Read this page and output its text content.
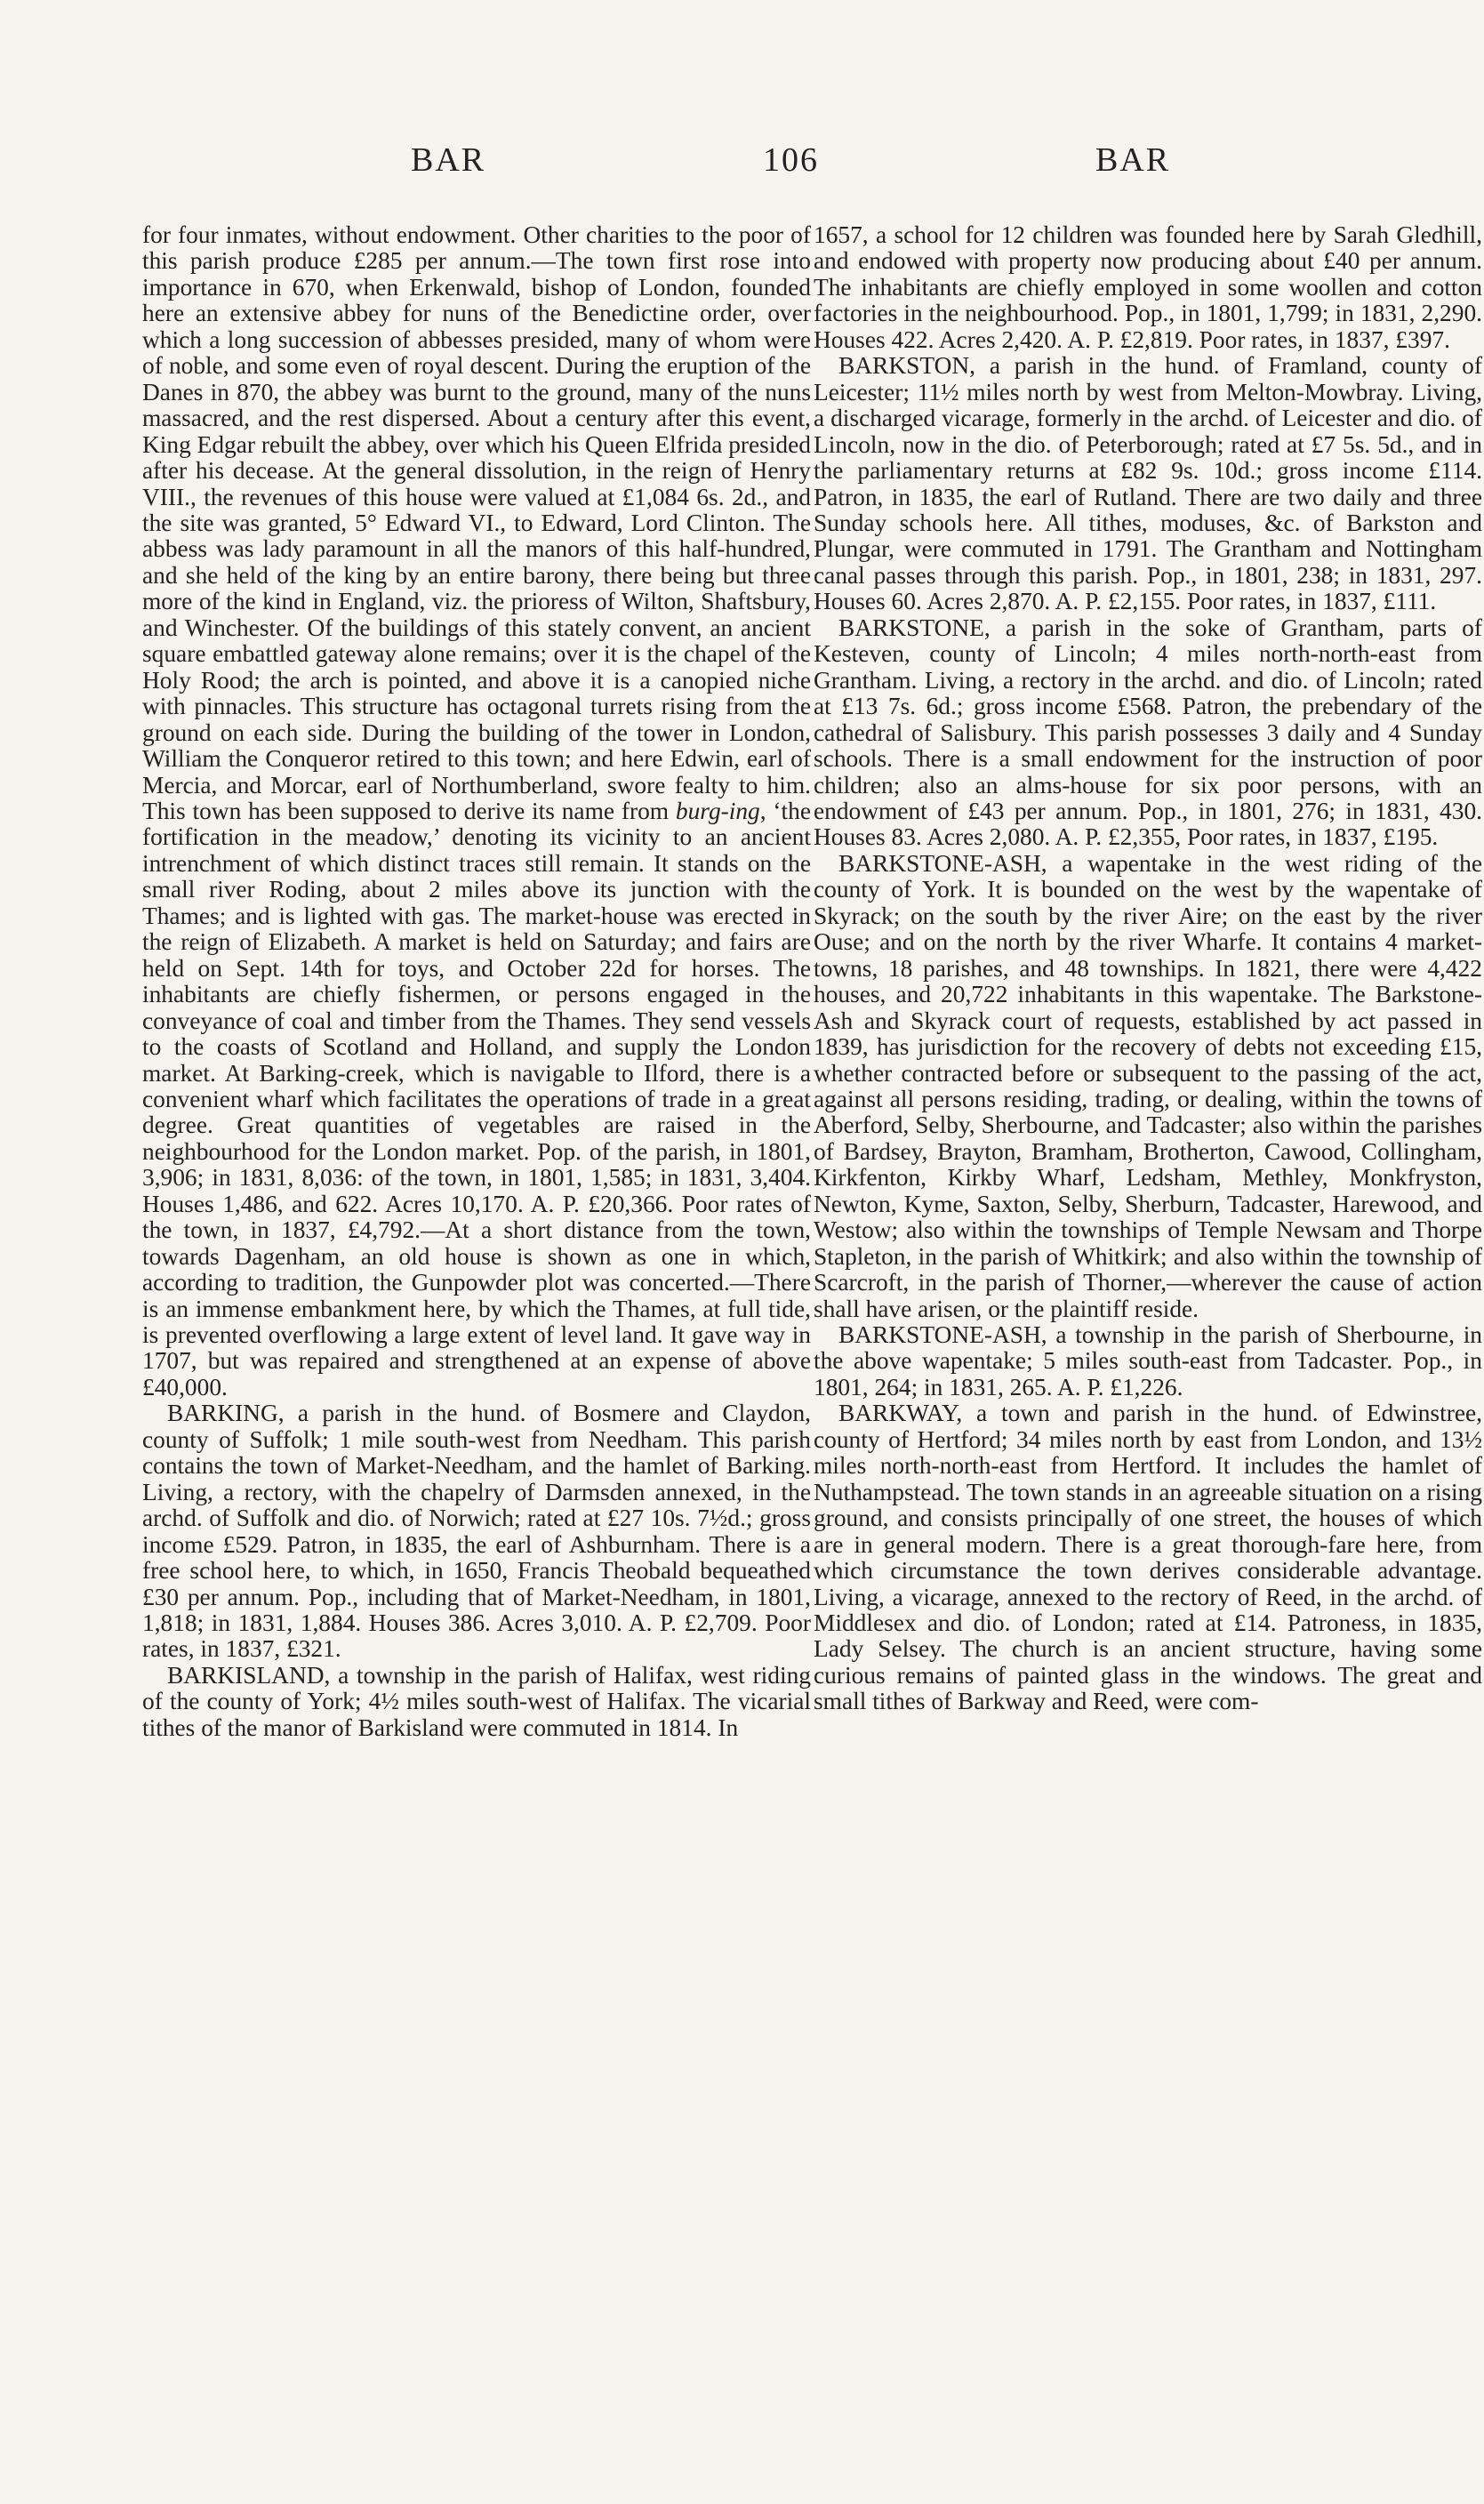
BAR	106	BAR

for four inmates, without endowment. Other charities to the poor of this parish produce £285 per annum.—The town first rose into importance in 670, when Erkenwald, bishop of London, founded here an extensive abbey for nuns of the Benedictine order, over which a long succession of abbesses presided, many of whom were of noble, and some even of royal descent. During the eruption of the Danes in 870, the abbey was burnt to the ground, many of the nuns massacred, and the rest dispersed. About a century after this event, King Edgar rebuilt the abbey, over which his Queen Elfrida presided after his decease. At the general dissolution, in the reign of Henry VIII., the revenues of this house were valued at £1,084 6s. 2d., and the site was granted, 5° Edward VI., to Edward, Lord Clinton. The abbess was lady paramount in all the manors of this half-hundred, and she held of the king by an entire barony, there being but three more of the kind in England, viz. the prioress of Wilton, Shaftsbury, and Winchester. Of the buildings of this stately convent, an ancient square embattled gateway alone remains; over it is the chapel of the Holy Rood; the arch is pointed, and above it is a canopied niche with pinnacles. This structure has octagonal turrets rising from the ground on each side. During the building of the tower in London, William the Conqueror retired to this town; and here Edwin, earl of Mercia, and Morcar, earl of Northumberland, swore fealty to him. This town has been supposed to derive its name from burg-ing, ‘the fortification in the meadow,’ denoting its vicinity to an ancient intrenchment of which distinct traces still remain. It stands on the small river Roding, about 2 miles above its junction with the Thames; and is lighted with gas. The market-house was erected in the reign of Elizabeth. A market is held on Saturday; and fairs are held on Sept. 14th for toys, and October 22d for horses. The inhabitants are chiefly fishermen, or persons engaged in the conveyance of coal and timber from the Thames. They send vessels to the coasts of Scotland and Holland, and supply the London market. At Barking-creek, which is navigable to Ilford, there is a convenient wharf which facilitates the operations of trade in a great degree. Great quantities of vegetables are raised in the neighbourhood for the London market. Pop. of the parish, in 1801, 3,906; in 1831, 8,036: of the town, in 1801, 1,585; in 1831, 3,404. Houses 1,486, and 622. Acres 10,170. A. P. £20,366. Poor rates of the town, in 1837, £4,792.—At a short distance from the town, towards Dagenham, an old house is shown as one in which, according to tradition, the Gunpowder plot was concerted.—There is an immense embankment here, by which the Thames, at full tide, is prevented overflowing a large extent of level land. It gave way in 1707, but was repaired and strengthened at an expense of above £40,000.

BARKING, a parish in the hund. of Bosmere and Claydon, county of Suffolk; 1 mile south-west from Needham. This parish contains the town of Market-Needham, and the hamlet of Barking. Living, a rectory, with the chapelry of Darmsden annexed, in the archd. of Suffolk and dio. of Norwich; rated at £27 10s. 7½d.; gross income £529. Patron, in 1835, the earl of Ashburnham. There is a free school here, to which, in 1650, Francis Theobald bequeathed £30 per annum. Pop., including that of Market-Needham, in 1801, 1,818; in 1831, 1,884. Houses 386. Acres 3,010. A. P. £2,709. Poor rates, in 1837, £321.

BARKISLAND, a township in the parish of Halifax, west riding of the county of York; 4½ miles south-west of Halifax. The vicarial tithes of the manor of Barkisland were commuted in 1814. In

1657, a school for 12 children was founded here by Sarah Gledhill, and endowed with property now producing about £40 per annum. The inhabitants are chiefly employed in some woollen and cotton factories in the neighbourhood. Pop., in 1801, 1,799; in 1831, 2,290. Houses 422. Acres 2,420. A. P. £2,819. Poor rates, in 1837, £397.

BARKSTON, a parish in the hund. of Framland, county of Leicester; 11½ miles north by west from Melton-Mowbray. Living, a discharged vicarage, formerly in the archd. of Leicester and dio. of Lincoln, now in the dio. of Peterborough; rated at £7 5s. 5d., and in the parliamentary returns at £82 9s. 10d.; gross income £114. Patron, in 1835, the earl of Rutland. There are two daily and three Sunday schools here. All tithes, moduses, &c. of Barkston and Plungar, were commuted in 1791. The Grantham and Nottingham canal passes through this parish. Pop., in 1801, 238; in 1831, 297. Houses 60. Acres 2,870. A. P. £2,155. Poor rates, in 1837, £111.

BARKSTONE, a parish in the soke of Grantham, parts of Kesteven, county of Lincoln; 4 miles north-north-east from Grantham. Living, a rectory in the archd. and dio. of Lincoln; rated at £13 7s. 6d.; gross income £568. Patron, the prebendary of the cathedral of Salisbury. This parish possesses 3 daily and 4 Sunday schools. There is a small endowment for the instruction of poor children; also an alms-house for six poor persons, with an endowment of £43 per annum. Pop., in 1801, 276; in 1831, 430. Houses 83. Acres 2,080. A. P. £2,355, Poor rates, in 1837, £195.

BARKSTONE-ASH, a wapentake in the west riding of the county of York. It is bounded on the west by the wapentake of Skyrack; on the south by the river Aire; on the east by the river Ouse; and on the north by the river Wharfe. It contains 4 market-towns, 18 parishes, and 48 townships. In 1821, there were 4,422 houses, and 20,722 inhabitants in this wapentake. The Barkstone-Ash and Skyrack court of requests, established by act passed in 1839, has jurisdiction for the recovery of debts not exceeding £15, whether contracted before or subsequent to the passing of the act, against all persons residing, trading, or dealing, within the towns of Aberford, Selby, Sherbourne, and Tadcaster; also within the parishes of Bardsey, Brayton, Bramham, Brotherton, Cawood, Collingham, Kirkfenton, Kirkby Wharf, Ledsham, Methley, Monkfryston, Newton, Kyme, Saxton, Selby, Sherburn, Tadcaster, Harewood, and Westow; also within the townships of Temple Newsam and Thorpe Stapleton, in the parish of Whitkirk; and also within the township of Scarcroft, in the parish of Thorner,—wherever the cause of action shall have arisen, or the plaintiff reside.

BARKSTONE-ASH, a township in the parish of Sherbourne, in the above wapentake; 5 miles south-east from Tadcaster. Pop., in 1801, 264; in 1831, 265. A. P. £1,226.

BARKWAY, a town and parish in the hund. of Edwinstree, county of Hertford; 34 miles north by east from London, and 13½ miles north-north-east from Hertford. It includes the hamlet of Nuthampstead. The town stands in an agreeable situation on a rising ground, and consists principally of one street, the houses of which are in general modern. There is a great thorough-fare here, from which circumstance the town derives considerable advantage. Living, a vicarage, annexed to the rectory of Reed, in the archd. of Middlesex and dio. of London; rated at £14. Patroness, in 1835, Lady Selsey. The church is an ancient structure, having some curious remains of painted glass in the windows. The great and small tithes of Barkway and Reed, were com-
